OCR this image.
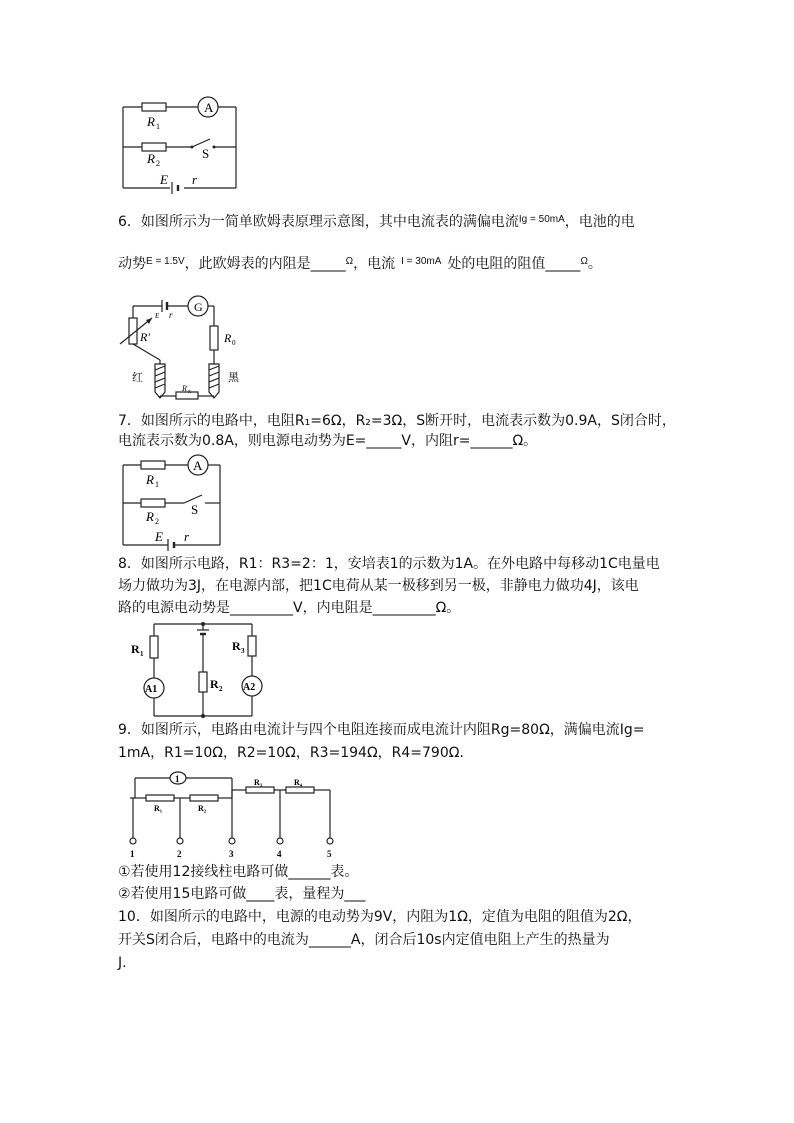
A
R 1
R 2
S
E r
6．如图所示为一简单欧姆表原理示意图，其中电流表的满偏电流$^{Ig = 50mA}$，电池的电
动势$^{E = 1.5V}$，此欧姆表的内阻是_____$^\Omega$，电流 $^{I = 30mA}$ 处的电阻的阻值_____$^\Omega$。
G
E r
R′	R 0
红	黑
R x
7．如图所示的电路中，电阻R₁=6Ω，R₂=3Ω，S断开时，电流表示数为0.9A，S闭合时，
电流表示数为0.8A，则电源电动势为E=_____V，内阻r=______Ω。
A
R 1
R 2
S
E r
8．如图所示电路，R1：R3=2：1，安培表1的示数为1A。在外电路中每移动1C电量电
场力做功为3J，在电源内部，把1C电荷从某一极移到另一极，非静电力做功4J，该电
路的电源电动势是_________V，内电阻是_________Ω。
R 1
R 2
R 3
A1	A2
9．如图所示，电路由电流计与四个电阻连接而成电流计内阻Rg=80Ω，满偏电流Ig=
1mA，R1=10Ω，R2=10Ω，R3=194Ω，R4=790Ω.
1
R₁	R₂
R₃	R₄
1	2	3	4	5
①若使用12接线柱电路可做______表。
②若使用15电路可做____表，量程为___
10．如图所示的电路中，电源的电动势为9V，内阻为1Ω，定值为电阻的阻值为2Ω，
开关S闭合后，电路中的电流为______A，闭合后10s内定值电阻上产生的热量为
J.
